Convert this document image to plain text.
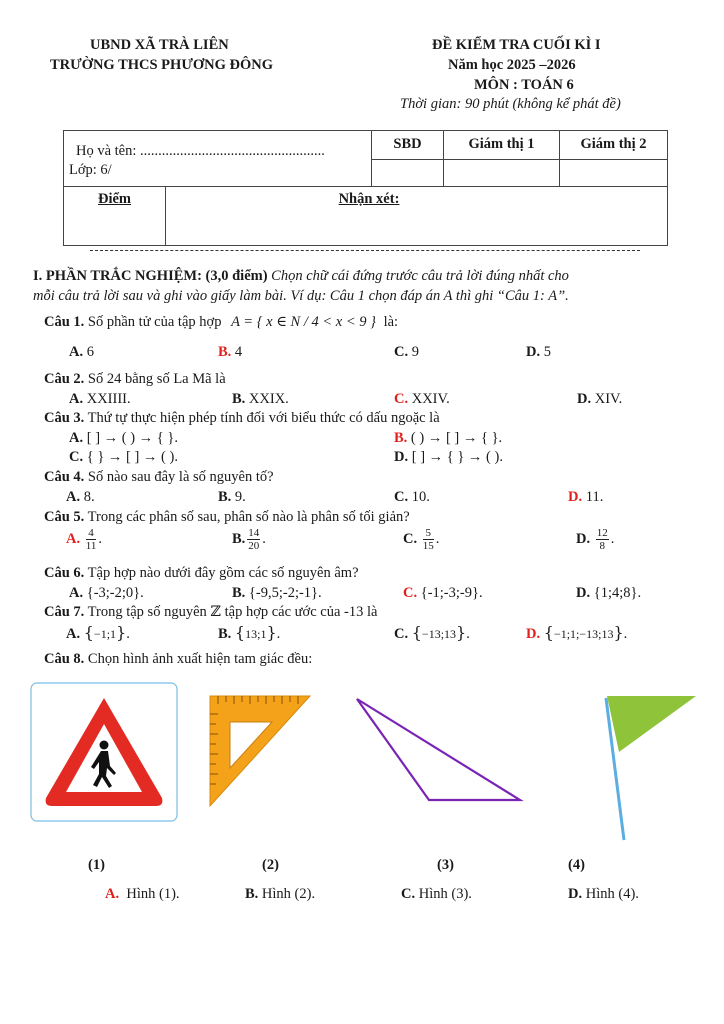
UBND XÃ TRÀ LIÊN
TRƯỜNG THCS PHƯƠNG ĐÔNG
ĐỀ KIỂM TRA CUỐI KÌ I
Năm học 2025 –2026
MÔN : TOÁN 6
Thời gian: 90 phút (không kể phát đề)
Họ và tên: ...................................................
Lớp: 6/		SBD	Giám thị 1	Giám thị 2

Điểm	Nhận xét:			
I. PHẦN TRẮC NGHIỆM: (3,0 điểm) Chọn chữ cái đứng trước câu trả lời đúng nhất cho
mỗi câu trả lời sau và ghi vào giấy làm bài. Ví dụ: Câu 1 chọn đáp án A thì ghi “Câu 1: A”.
Câu 1. Số phần tử của tập hợp A = { x ∈ N / 4 < x < 9 } là:
A. 6	B. 4	C. 9	D. 5
Câu 2. Số 24 bằng số La Mã là
A. XXIIII.	B. XXIX.	C. XXIV.	D. XIV.
Câu 3. Thứ tự thực hiện phép tính đối với biểu thức có dấu ngoặc là
A. [ ] → ( ) → { }.	B. ( ) → [ ] → { }.
C. { } → [ ] → ( ).	D. [ ] → { } → ( ).
Câu 4. Số nào sau đây là số nguyên tố?
A. 8.	B. 9.	C. 10.	D. 11.
Câu 5. Trong các phân số sau, phân số nào là phân số tối giản?
A. $\frac{4}{11}$ .	B. $\frac{14}{20}$ .	C. $\frac{5}{15}$ .	D. $\frac{12}{8}$ .
Câu 6. Tập hợp nào dưới đây gồm các số nguyên âm?
A. {-3;-2;0}.	B. {-9,5;-2;-1}.	C. {-1;-3;-9}.	D. {1;4;8}.
Câu 7. Trong tập số nguyên ℤ tập hợp các ước của -13 là
A. {−1;1}.	B. {13;1}.	C. {−13;13}.	D. {−1;1;−13;13}.
Câu 8. Chọn hình ảnh xuất hiện tam giác đều:
(1)	(2)	(3)	(4)
A. Hình (1).	B. Hình (2).	C. Hình (3).	D. Hình (4).
